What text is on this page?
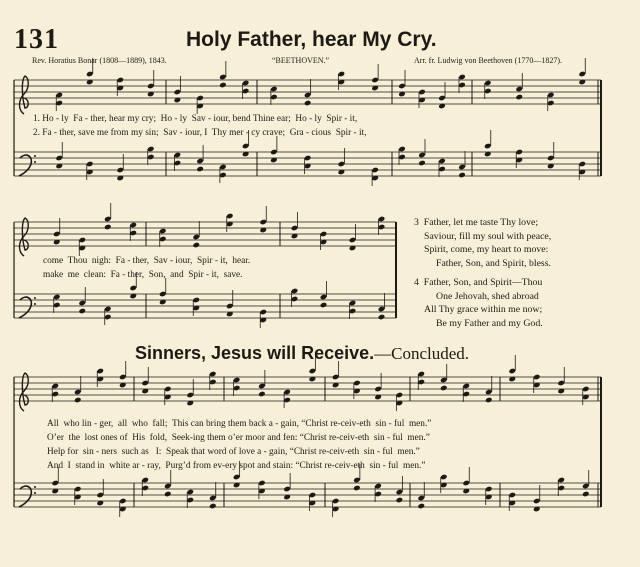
131	Holy Father, hear My Cry.
Rev. Horatius Bonar (1808—1889), 1843.	“BEETHOVEN.”	Arr. fr. Ludwig von Beethoven (1770—1827).
1. Ho - ly  Fa - ther, hear my cry;  Ho - ly  Sav - iour, bend Thine ear;  Ho - ly  Spir - it,
2. Fa - ther, save me from my sin;  Sav - iour, I  Thy mer - cy crave;  Gra - cious  Spir - it,
come  Thou  nigh:  Fa - ther,  Sav - iour,  Spir - it,  hear.
make  me  clean:  Fa - ther,  Son,  and  Spir - it,  save.
3  Father, let me taste Thy love;
Saviour, fill my soul with peace,
Spirit, come, my heart to move:
Father, Son, and Spirit, bless.
4  Father, Son, and Spirit—Thou
One Jehovah, shed abroad
All Thy grace within me now;
Be my Father and my God.
Sinners, Jesus will Receive.—Concluded.
All  who lin - ger,  all  who  fall;  This can bring them back a - gain, “Christ re-ceiv-eth  sin - ful  men.”
O’er  the  lost ones of  His  fold,  Seek-ing them o’er moor and fen: “Christ re-ceiv-eth  sin - ful  men.”
Help for  sin - ners  such as   I:  Speak that word of love a - gain, “Christ re-ceiv-eth  sin - ful  men.”
And  I  stand in  white ar - ray,  Purg’d from ev-ery spot and stain: “Christ re-ceiv-eth  sin - ful  men.”
